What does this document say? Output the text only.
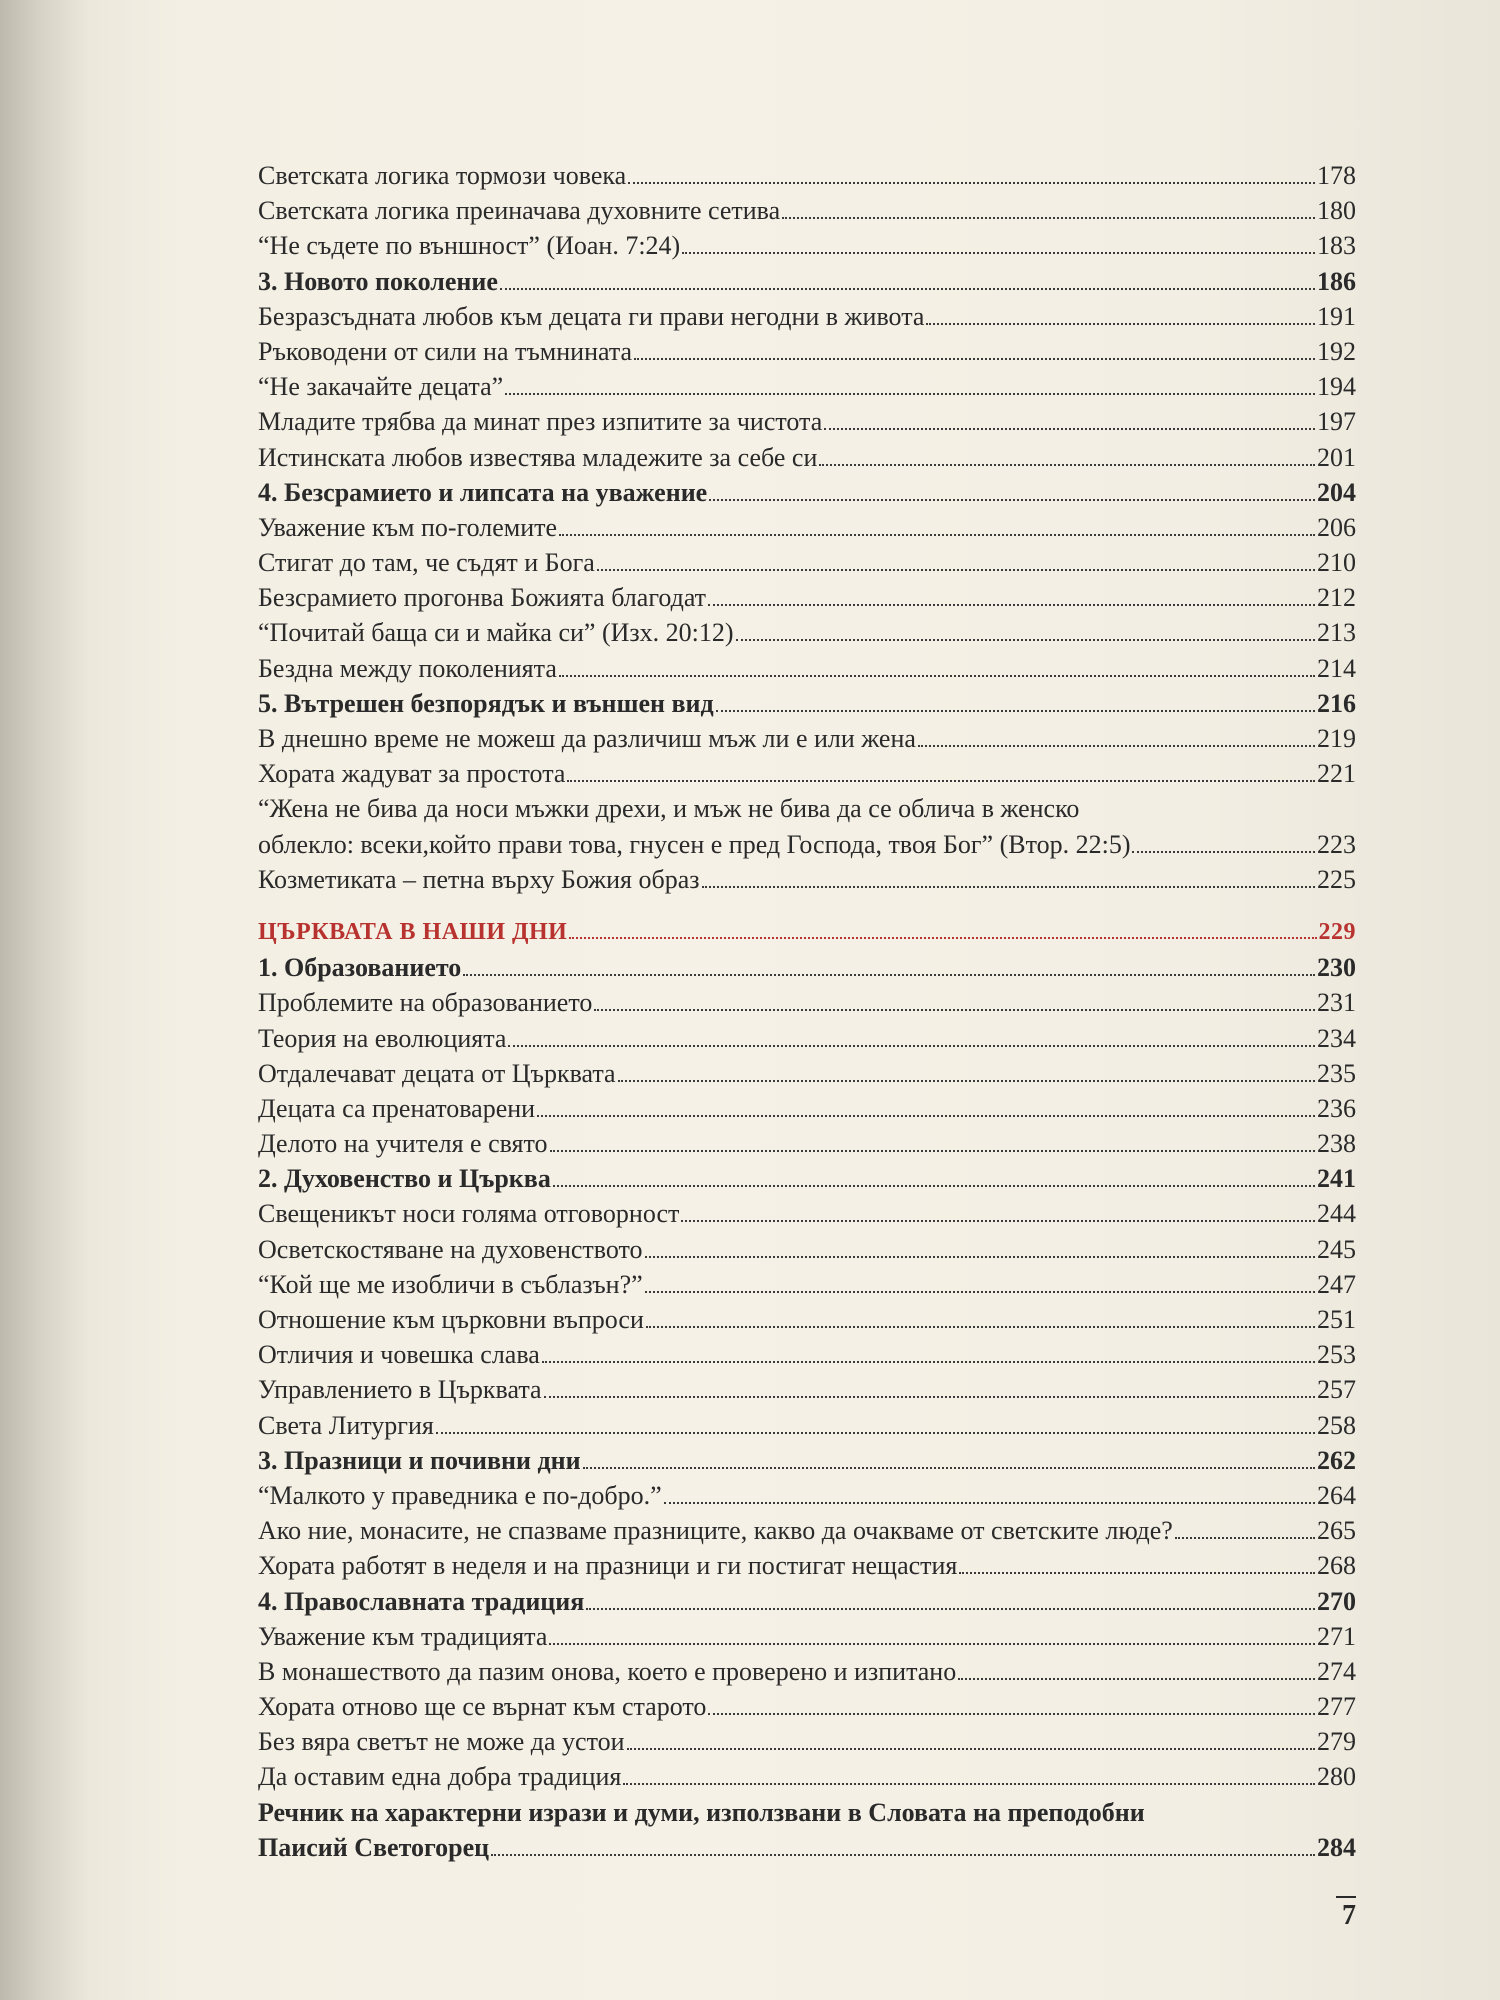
Светската логика тормози човека	178
Светската логика преиначава духовните сетива	180
“Не съдете по външност” (Иоан. 7:24)	183
3. Новото поколение	186
Безразсъдната любов към децата ги прави негодни в живота	191
Ръководени от сили на тъмнината	192
“Не закачайте децата”	194
Младите трябва да минат през изпитите за чистота	197
Истинската любов известява младежите за себе си	201
4. Безсрамието и липсата на уважение	204
Уважение към по-големите	206
Стигат до там, че съдят и Бога	210
Безсрамието прогонва Божията благодат	212
“Почитай баща си и майка си” (Изх. 20:12)	213
Бездна между поколенията	214
5. Вътрешен безпорядък и външен вид	216
В днешно време не можеш да различиш мъж ли е или жена	219
Хората жадуват за простота	221
“Жена не бива да носи мъжки дрехи, и мъж не бива да се облича в женско
облекло: всеки,който прави това, гнусен е пред Господа, твоя Бог” (Втор. 22:5)	223
Козметиката – петна върху Божия образ	225
ЦЪРКВАТА В НАШИ ДНИ	229
1. Образованието	230
Проблемите на образованието	231
Теория на еволюцията	234
Отдалечават децата от Църквата	235
Децата са пренатоварени	236
Делото на учителя е свято	238
2. Духовенство и Църква	241
Свещеникът носи голяма отговорност	244
Осветскостяване на духовенството	245
“Кой ще ме изобличи в съблазън?”	247
Отношение към църковни въпроси	251
Отличия и човешка слава	253
Управлението в Църквата	257
Света Литургия	258
3. Празници и почивни дни	262
“Малкото у праведника е по-добро.”	264
Ако ние, монасите, не спазваме празниците, какво да очакваме от светските люде?	265
Хората работят в неделя и на празници и ги постигат нещастия	268
4. Православната традиция	270
Уважение към традицията	271
В монашеството да пазим онова, което е проверено и изпитано	274
Хората отново ще се върнат към старото	277
Без вяра светът не може да устои	279
Да оставим една добра традиция	280
Речник на характерни изрази и думи, използвани в Словата на преподобни
Паисий Светогорец	284
7
